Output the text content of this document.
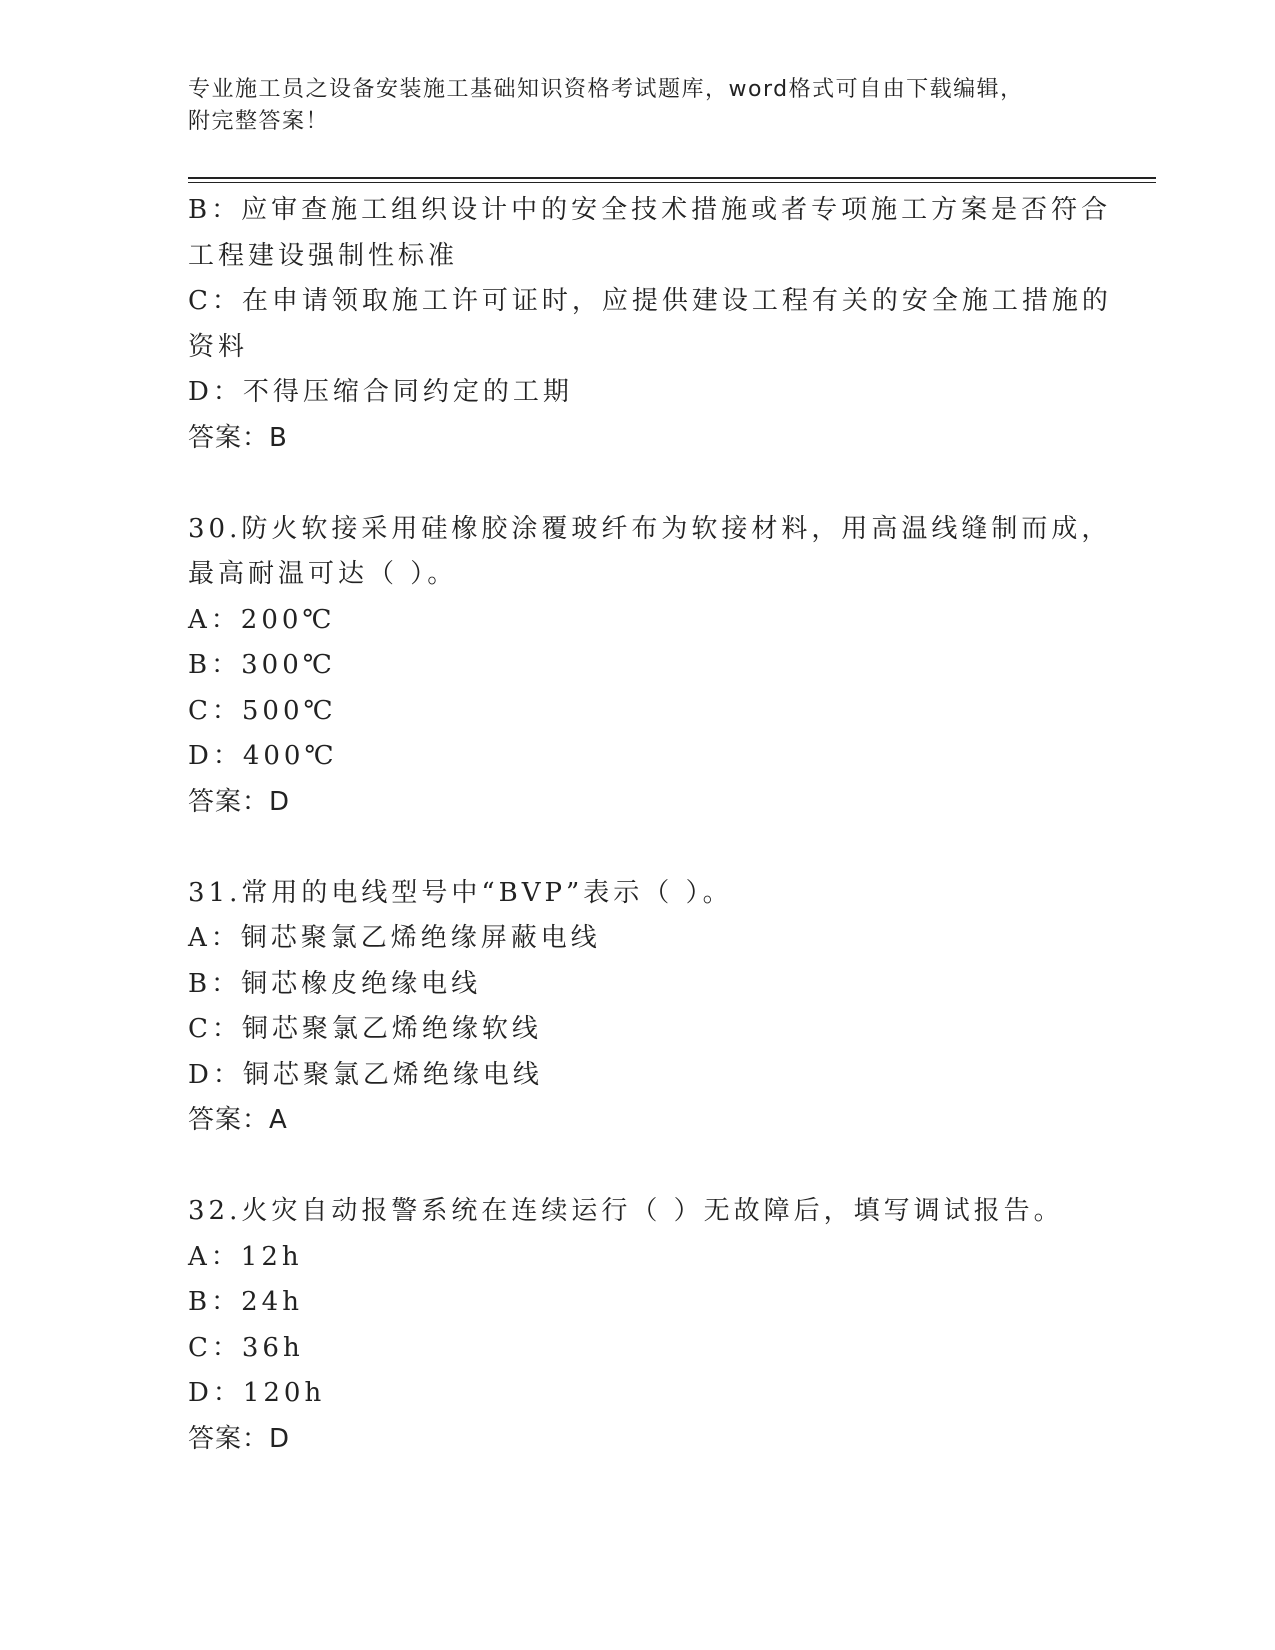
专业施工员之设备安装施工基础知识资格考试题库，word格式可自由下载编辑，
附完整答案！
B：应审查施工组织设计中的安全技术措施或者专项施工方案是否符合
工程建设强制性标准
C：在申请领取施工许可证时，应提供建设工程有关的安全施工措施的
资料
D：不得压缩合同约定的工期
答案：B
30.防火软接采用硅橡胶涂覆玻纤布为软接材料，用高温线缝制而成，
最高耐温可达（ ）。
A：200℃
B：300℃
C：500℃
D：400℃
答案：D
31.常用的电线型号中“BVP”表示（ ）。
A：铜芯聚氯乙烯绝缘屏蔽电线
B：铜芯橡皮绝缘电线
C：铜芯聚氯乙烯绝缘软线
D：铜芯聚氯乙烯绝缘电线
答案：A
32.火灾自动报警系统在连续运行（ ）无故障后，填写调试报告。
A：12h
B：24h
C：36h
D：120h
答案：D
